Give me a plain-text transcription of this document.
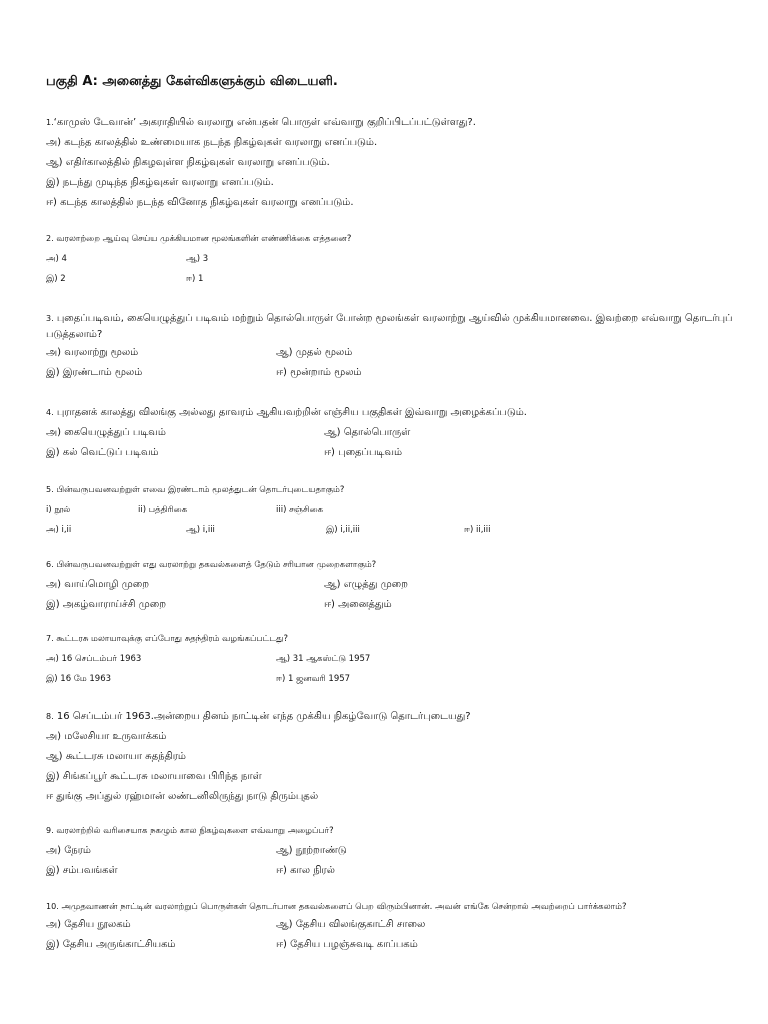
பகுதி A: அனைத்து கேள்விகளுக்கும் விடையளி.
1.‘காமுஸ் டேவான்’ அகராதியில் வரலாறு என்பதன் பொருள் எவ்வாறு குறிப்பிடப்பட்டுள்ளது?.
அ) கடந்த காலத்தில் உண்மையாக நடந்த நிகழ்வுகள் வரலாறு எனப்படும்.
ஆ) எதிர்காலத்தில் நிகழவுள்ள நிகழ்வுகள் வரலாறு எனப்படும்.
இ) நடந்து முடிந்த நிகழ்வுகள் வரலாறு எனப்படும்.
ஈ) கடந்த காலத்தில் நடந்த வினோத நிகழ்வுகள் வரலாறு எனப்படும்.
2. வரலாற்றை ஆய்வு செய்ய முக்கியமான மூலங்களின் எண்ணிக்கை எத்தனை?
அ) 4	ஆ) 3
இ) 2	ஈ) 1
3. புதைப்படிவம், கையெழுத்துப் படிவம் மற்றும் தொல்பொருள் போன்ற மூலங்கள் வரலாற்று ஆய்வில் முக்கியமானவை. இவற்றை எவ்வாறு தொடர்புப் படுத்தலாம்?
அ) வரலாற்று மூலம்	ஆ) முதல் மூலம்
இ) இரண்டாம் மூலம்	ஈ) மூன்றாம் மூலம்
4. புராதனக் காலத்து விலங்கு அல்லது தாவரம் ஆகியவற்றின் எஞ்சிய பகுதிகள் இவ்வாறு அழைக்கப்படும்.
அ) கையெழுத்துப் படிவம்	ஆ) தொல்பொருள்
இ) கல் வெட்டுப் படிவம்	ஈ) புதைப்படிவம்
5. பின்வருபவனவற்றுள் எவை இரண்டாம் மூலத்துடன் தொடர்புடையதாகும்?
i) நூல்	ii) பத்திரிகை	iii) சஞ்சிகை
அ) i,ii	ஆ) i,iii	இ) i,ii,iii	ஈ) ii,iii
6. பின்வருபவனவற்றுள் எது வரலாற்று தகவல்களைத் தேடும் சரியான முறைகளாகும்?
அ) வாய்மொழி முறை	ஆ) எழுத்து முறை
இ) அகழ்வாராய்ச்சி முறை	ஈ) அனைத்தும்
7. கூட்டரசு மலாயாவுக்கு எப்போது சுதந்திரம் வழங்கப்பட்டது?
அ) 16 செப்டம்பர் 1963	ஆ) 31 ஆகஸ்ட்டு 1957
இ) 16 மே 1963	ஈ) 1 ஜனவரி 1957
8. 16 செப்டம்பர் 1963.அன்றைய தினம் நாட்டின் எந்த முக்கிய நிகழ்வோடு தொடர்புடையது?
அ) மலேசியா உருவாக்கம்
ஆ) கூட்டரசு மலாயா சுதந்திரம்
இ) சிங்கப்பூர் கூட்டரசு மலாயாவை பிரிந்த நாள்
ஈ துங்கு அப்துல் ரஹ்மான் லண்டனிலிருந்து நாடு திரும்புதல்
9. வரலாற்றில் வரிசையாக நகழும் கால நிகழ்வுகளை எவ்வாறு அழைப்பர்?
அ) நேரம்	ஆ) நூற்றாண்டு
இ) சம்பவங்கள்	ஈ) கால நிரல்
10. அமுதவாணன் நாட்டின் வரலாற்றுப் பொருள்கள் தொடர்பான தகவல்களைப் பெற விரும்பினான். அவன் எங்கே சென்றால் அவற்றைப் பார்க்கலாம்?
அ) தேசிய நூலகம்	ஆ) தேசிய விலங்குகாட்சி சாலை
இ) தேசிய அருங்காட்சியகம்	ஈ) தேசிய பழஞ்சுவடி காப்பகம்
